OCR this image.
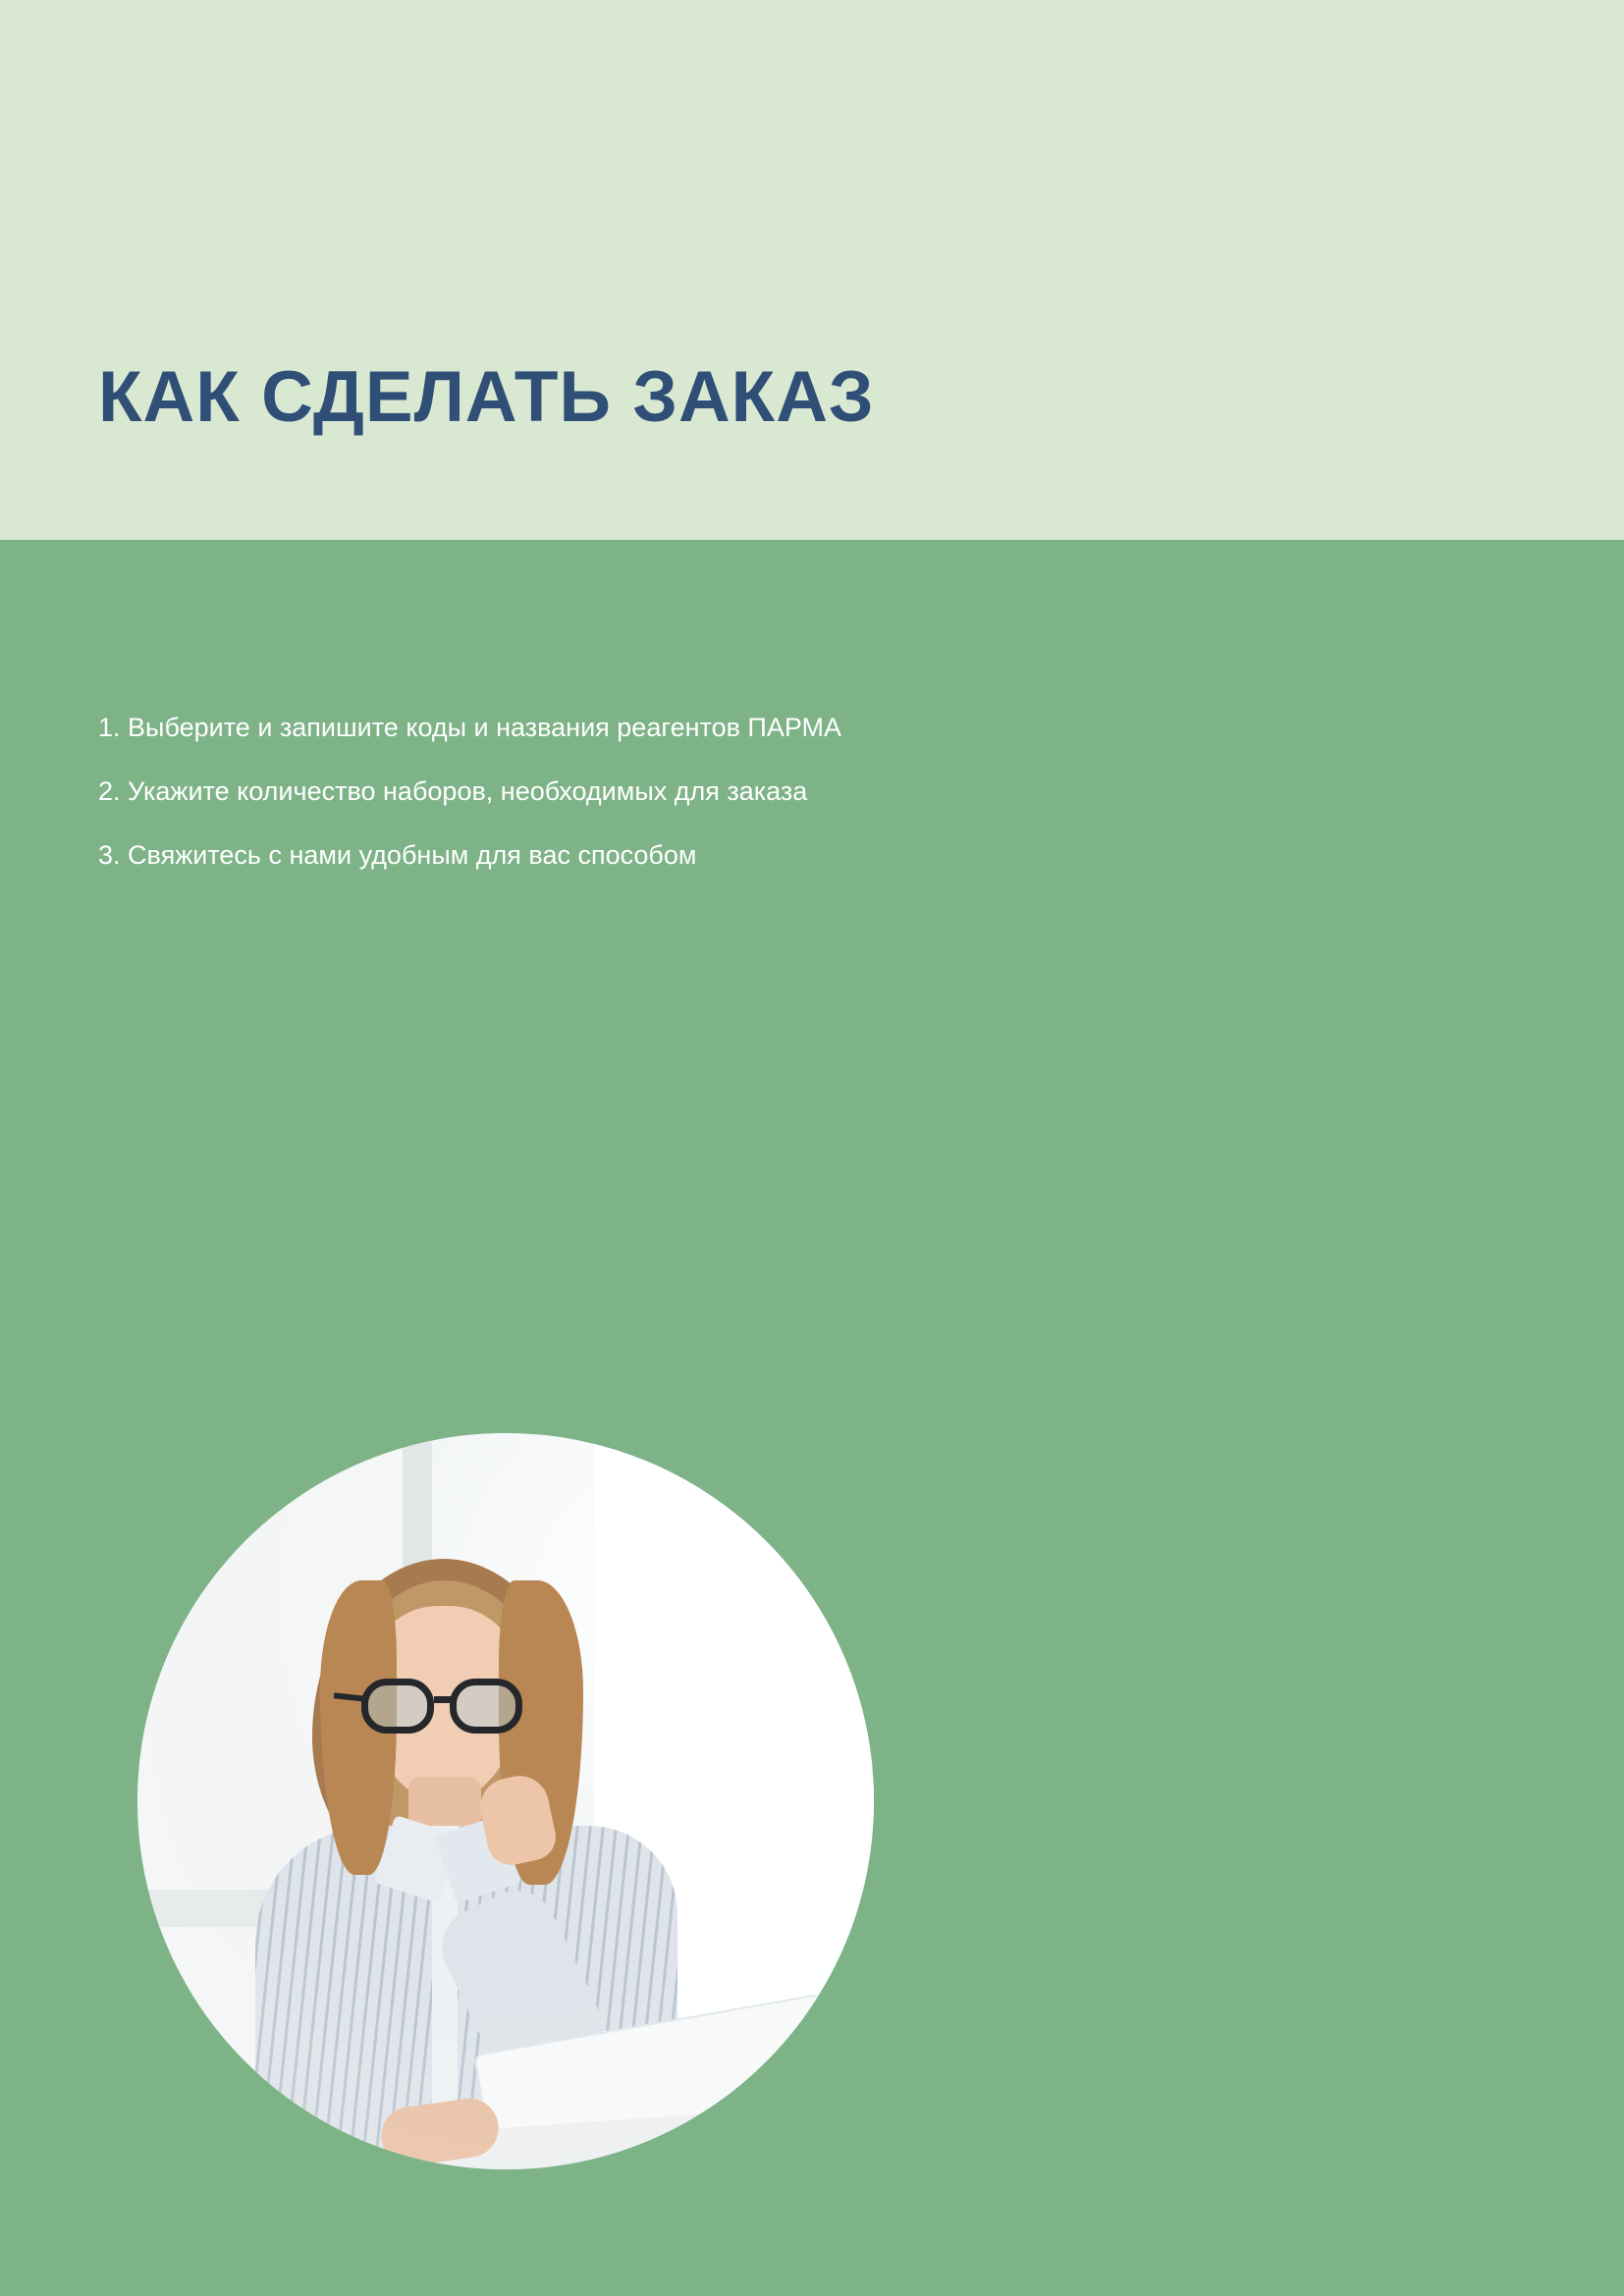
КАК СДЕЛАТЬ ЗАКАЗ
1. Выберите и запишите коды и названия реагентов ПАРМА
2. Укажите количество наборов, необходимых для заказа
3. Свяжитесь с нами удобным для вас способом
